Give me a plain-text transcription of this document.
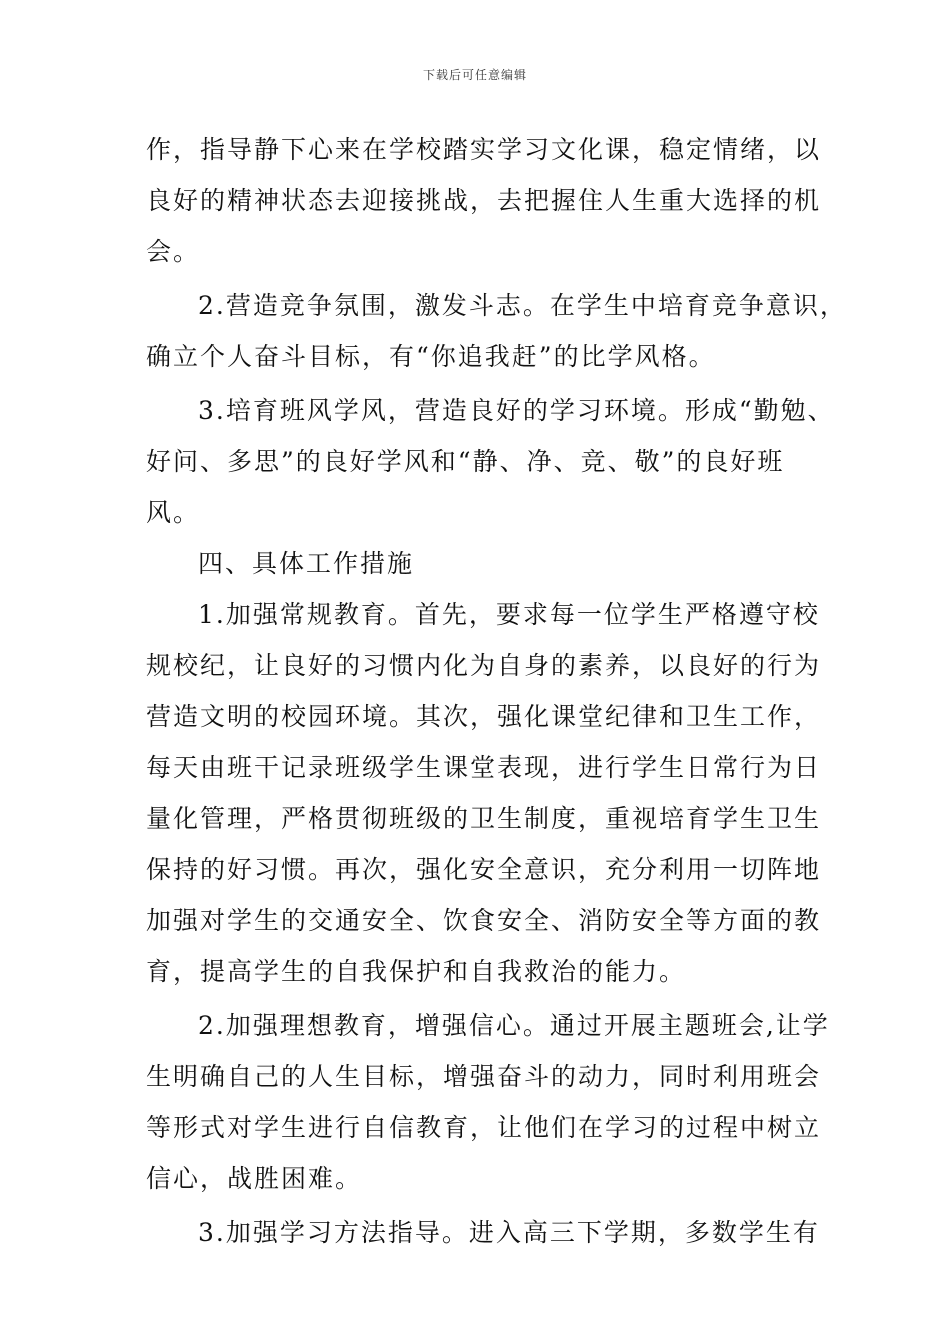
下载后可任意编辑
作，指导静下心来在学校踏实学习文化课，稳定情绪，以
良好的精神状态去迎接挑战，去把握住人生重大选择的机
会。
2.营造竞争氛围，激发斗志。在学生中培育竞争意识，
确立个人奋斗目标，有“你追我赶”的比学风格。
3.培育班风学风，营造良好的学习环境。形成“勤勉、
好问、多思”的良好学风和“静、净、竞、敬”的良好班
风。
四、具体工作措施
1.加强常规教育。首先，要求每一位学生严格遵守校
规校纪，让良好的习惯内化为自身的素养，以良好的行为
营造文明的校园环境。其次，强化课堂纪律和卫生工作，
每天由班干记录班级学生课堂表现，进行学生日常行为日
量化管理，严格贯彻班级的卫生制度，重视培育学生卫生
保持的好习惯。再次，强化安全意识，充分利用一切阵地
加强对学生的交通安全、饮食安全、消防安全等方面的教
育，提高学生的自我保护和自我救治的能力。
2.加强理想教育，增强信心。通过开展主题班会,让学
生明确自己的人生目标，增强奋斗的动力，同时利用班会
等形式对学生进行自信教育，让他们在学习的过程中树立
信心，战胜困难。
3.加强学习方法指导。进入高三下学期，多数学生有
